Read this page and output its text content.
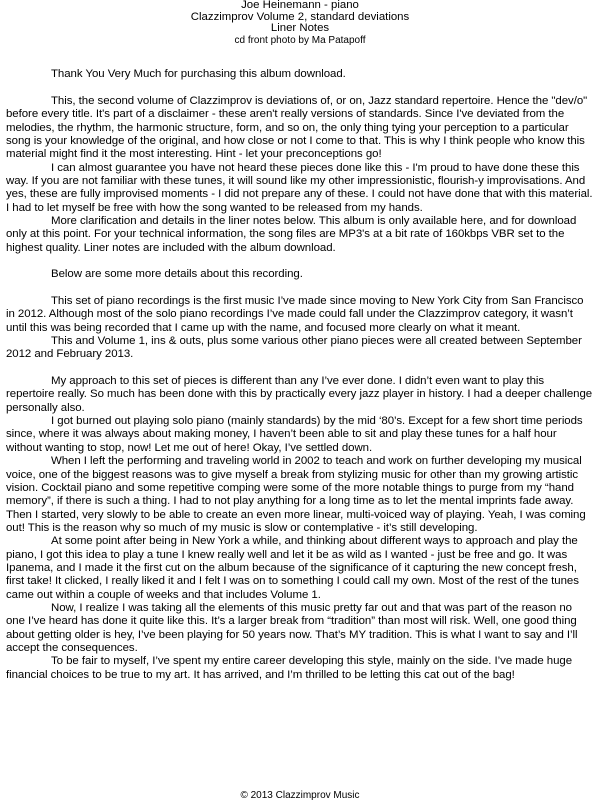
Joe Heinemann - piano
Clazzimprov Volume 2, standard deviations
Liner Notes
cd front photo by Ma Patapoff

Thank You Very Much for purchasing this album download.

This, the second volume of Clazzimprov is deviations of, or on, Jazz standard repertoire. Hence the "dev/o" before every title. It's part of a disclaimer - these aren't really versions of standards. Since I've deviated from the melodies, the rhythm, the harmonic structure, form, and so on, the only thing tying your perception to a particular song is your knowledge of the original, and how close or not I come to that. This is why I think people who know this material might find it the most interesting. Hint - let your preconceptions go!

I can almost guarantee you have not heard these pieces done like this - I'm proud to have done these this way. If you are not familiar with these tunes, it will sound like my other impressionistic, flourish-y improvisations. And yes, these are fully improvised moments - I did not prepare any of these. I could not have done that with this material. I had to let myself be free with how the song wanted to be released from my hands.

More clarification and details in the liner notes below. This album is only available here, and for download only at this point. For your technical information, the song files are MP3's at a bit rate of 160kbps VBR set to the highest quality. Liner notes are included with the album download.

Below are some more details about this recording.

This set of piano recordings is the first music I’ve made since moving to New York City from San Francisco in 2012. Although most of the solo piano recordings I’ve made could fall under the Clazzimprov category, it wasn’t until this was being recorded that I came up with the name, and focused more clearly on what it meant.

This and Volume 1, ins & outs, plus some various other piano pieces were all created between September 2012 and February 2013.

My approach to this set of pieces is different than any I’ve ever done. I didn’t even want to play this repertoire really. So much has been done with this by practically every jazz player in history. I had a deeper challenge personally also.

I got burned out playing solo piano (mainly standards) by the mid ‘80’s. Except for a few short time periods since, where it was always about making money, I haven’t been able to sit and play these tunes for a half hour without wanting to stop, now! Let me out of here! Okay, I’ve settled down.

When I left the performing and traveling world in 2002 to teach and work on further developing my musical voice, one of the biggest reasons was to give myself a break from stylizing music for other than my growing artistic vision. Cocktail piano and some repetitive comping were some of the more notable things to purge from my “hand memory”, if there is such a thing. I had to not play anything for a long time as to let the mental imprints fade away. Then I started, very slowly to be able to create an even more linear, multi-voiced way of playing. Yeah, I was coming out! This is the reason why so much of my music is slow or contemplative - it’s still developing.

At some point after being in New York a while, and thinking about different ways to approach and play the piano, I got this idea to play a tune I knew really well and let it be as wild as I wanted - just be free and go. It was Ipanema, and I made it the first cut on the album because of the significance of it capturing the new concept fresh, first take! It clicked, I really liked it and I felt I was on to something I could call my own. Most of the rest of the tunes came out within a couple of weeks and that includes Volume 1.

Now, I realize I was taking all the elements of this music pretty far out and that was part of the reason no one I’ve heard has done it quite like this. It’s a larger break from “tradition” than most will risk. Well, one good thing about getting older is hey, I’ve been playing for 50 years now. That’s MY tradition. This is what I want to say and I’ll accept the consequences.

To be fair to myself, I’ve spent my entire career developing this style, mainly on the side. I’ve made huge financial choices to be true to my art. It has arrived, and I’m thrilled to be letting this cat out of the bag!

© 2013 Clazzimprov Music
